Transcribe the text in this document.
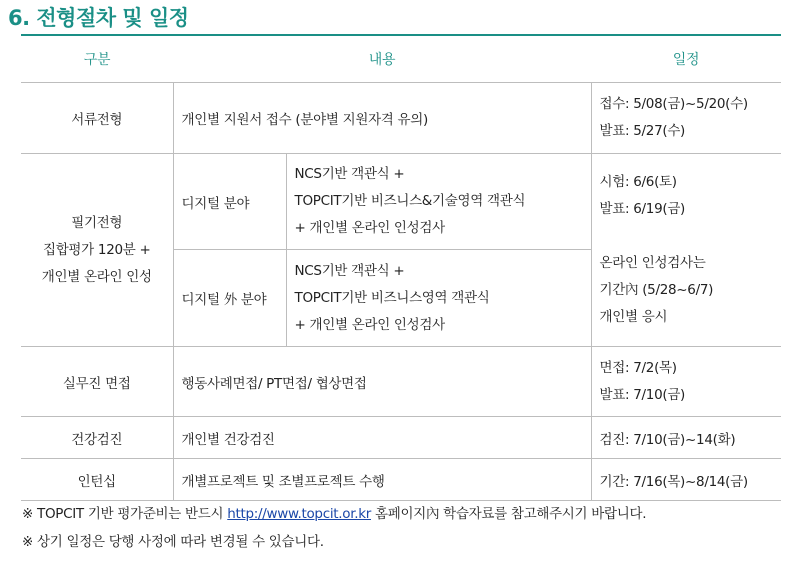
6. 전형절차 및 일정
구분	내용		일정
서류전형	개인별 지원서 접수 (분야별 지원자격 유의)		접수: 5/08(금)~5/20(수)
발표: 5/27(수)

필기전형
집합평가 120분 +
개인별 온라인 인성	디지털 분야	NCS기반 객관식 +
TOPCIT기반 비즈니스&기술영역 객관식
+ 개인별 온라인 인성검사	시험: 6/6(토)
발표: 6/19(금)
온라인 인성검사는
기간內 (5/28~6/7)
개인별 응시

	디지털 外 분야	NCS기반 객관식 +
TOPCIT기반 비즈니스영역 객관식
+ 개인별 온라인 인성검사	

실무진 면접	행동사례면접/ PT면접/ 협상면접		면접: 7/2(목)
발표: 7/10(금)

건강검진	개인별 건강검진		검진: 7/10(금)~14(화)
인턴십	개별프로젝트 및 조별프로젝트 수행		기간: 7/16(목)~8/14(금)
※ TOPCIT 기반 평가준비는 반드시 http://www.topcit.or.kr 홈페이지內 학습자료를 참고해주시기 바랍니다.
※ 상기 일정은 당행 사정에 따라 변경될 수 있습니다.
